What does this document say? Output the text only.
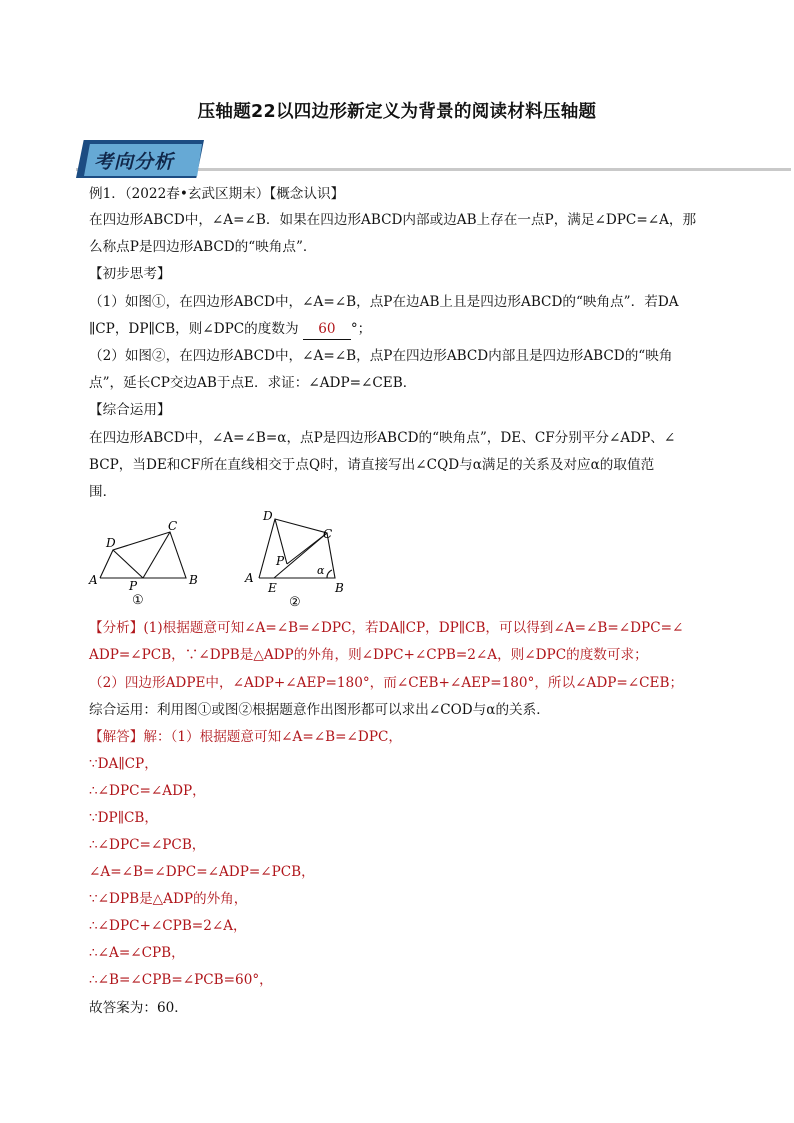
压轴题22以四边形新定义为背景的阅读材料压轴题
考向分析
例1．（2022春•玄武区期末）【概念认识】
在四边形ABCD中，∠A=∠B．如果在四边形ABCD内部或边AB上存在一点P，满足∠DPC=∠A，那
么称点P是四边形ABCD的“映角点”．
【初步思考】
（1）如图①，在四边形ABCD中，∠A=∠B，点P在边AB上且是四边形ABCD的“映角点”．若DA
∥CP，DP∥CB，则∠DPC的度数为 60 °；
（2）如图②，在四边形ABCD中，∠A=∠B，点P在四边形ABCD内部且是四边形ABCD的“映角
点”，延长CP交边AB于点E．求证：∠ADP=∠CEB．
【综合运用】
在四边形ABCD中，∠A=∠B=α，点P是四边形ABCD的“映角点”，DE、CF分别平分∠ADP、∠
BCP，当DE和CF所在直线相交于点Q时，请直接写出∠CQD与α满足的关系及对应α的取值范
围．
D
C
A	P	B
①
D
C
P
A
E	B
α
②
【分析】(1)根据题意可知∠A=∠B=∠DPC，若DA∥CP，DP∥CB，可以得到∠A=∠B=∠DPC=∠
ADP=∠PCB，∵∠DPB是△ADP的外角，则∠DPC+∠CPB=2∠A，则∠DPC的度数可求；
（2）四边形ADPE中，∠ADP+∠AEP=180°，而∠CEB+∠AEP=180°，所以∠ADP=∠CEB；
综合运用：利用图①或图②根据题意作出图形都可以求出∠COD与α的关系．
【解答】解：（1）根据题意可知∠A=∠B=∠DPC，
∵DA∥CP，
∴∠DPC=∠ADP，
∵DP∥CB，
∴∠DPC=∠PCB，
∠A=∠B=∠DPC=∠ADP=∠PCB，
∵∠DPB是△ADP的外角，
∴∠DPC+∠CPB=2∠A，
∴∠A=∠CPB，
∴∠B=∠CPB=∠PCB=60°，
故答案为：60．
